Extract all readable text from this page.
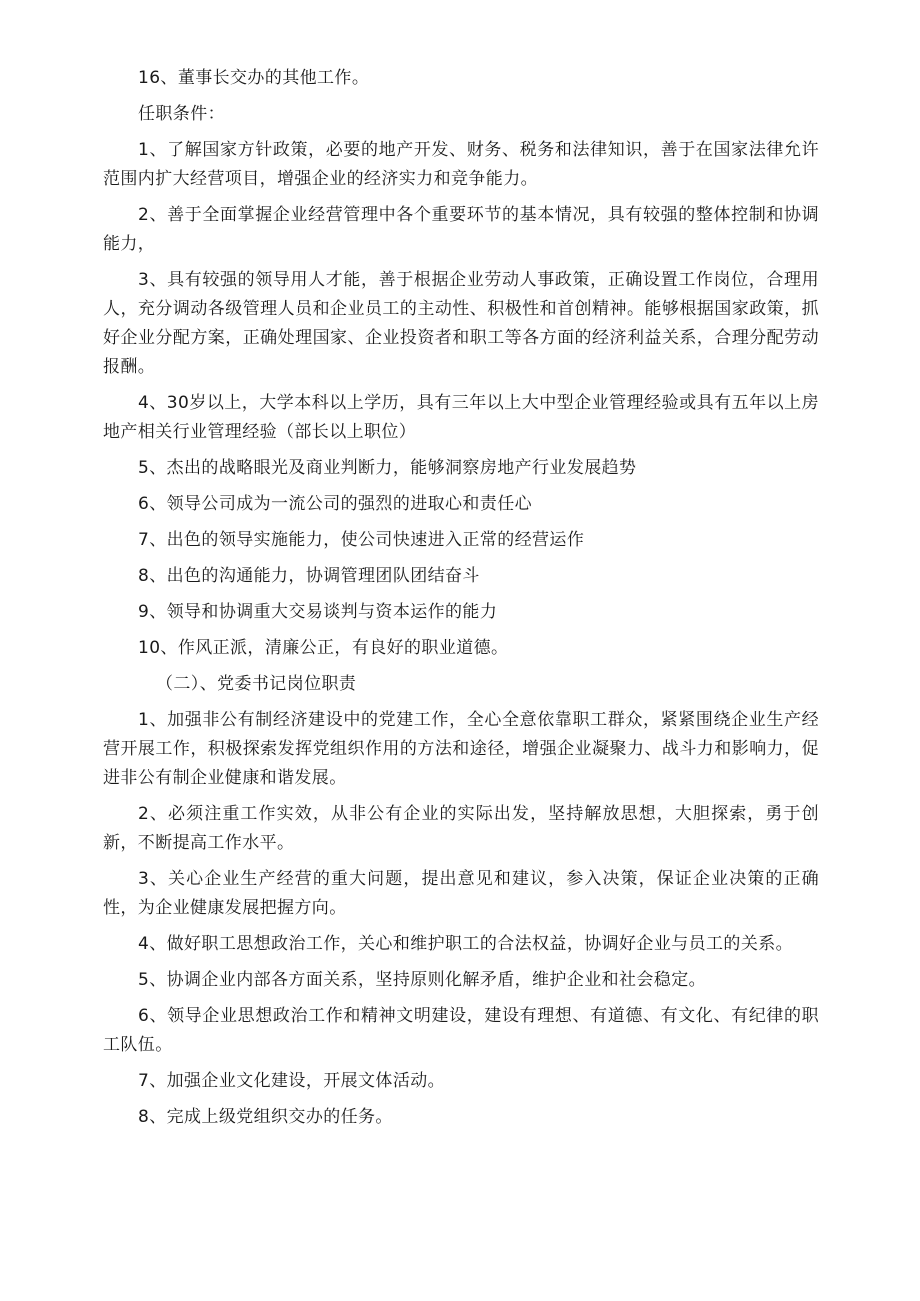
16、董事长交办的其他工作。

任职条件：

1、了解国家方针政策，必要的地产开发、财务、税务和法律知识，善于在国家法律允许范围内扩大经营项目，增强企业的经济实力和竞争能力。

2、善于全面掌握企业经营管理中各个重要环节的基本情况，具有较强的整体控制和协调能力，

3、具有较强的领导用人才能，善于根据企业劳动人事政策，正确设置工作岗位，合理用人，充分调动各级管理人员和企业员工的主动性、积极性和首创精神。能够根据国家政策，抓好企业分配方案，正确处理国家、企业投资者和职工等各方面的经济利益关系，合理分配劳动报酬。

4、30岁以上，大学本科以上学历，具有三年以上大中型企业管理经验或具有五年以上房地产相关行业管理经验（部长以上职位）

5、杰出的战略眼光及商业判断力，能够洞察房地产行业发展趋势

6、领导公司成为一流公司的强烈的进取心和责任心

7、出色的领导实施能力，使公司快速进入正常的经营运作

8、出色的沟通能力，协调管理团队团结奋斗

9、领导和协调重大交易谈判与资本运作的能力

10、作风正派，清廉公正，有良好的职业道德。

（二）、党委书记岗位职责

1、加强非公有制经济建设中的党建工作，全心全意依靠职工群众，紧紧围绕企业生产经营开展工作，积极探索发挥党组织作用的方法和途径，增强企业凝聚力、战斗力和影响力，促进非公有制企业健康和谐发展。

2、必须注重工作实效，从非公有企业的实际出发，坚持解放思想，大胆探索，勇于创新，不断提高工作水平。

3、关心企业生产经营的重大问题，提出意见和建议，参入决策，保证企业决策的正确性，为企业健康发展把握方向。

4、做好职工思想政治工作，关心和维护职工的合法权益，协调好企业与员工的关系。

5、协调企业内部各方面关系，坚持原则化解矛盾，维护企业和社会稳定。

6、领导企业思想政治工作和精神文明建设，建设有理想、有道德、有文化、有纪律的职工队伍。

7、加强企业文化建设，开展文体活动。

8、完成上级党组织交办的任务。
